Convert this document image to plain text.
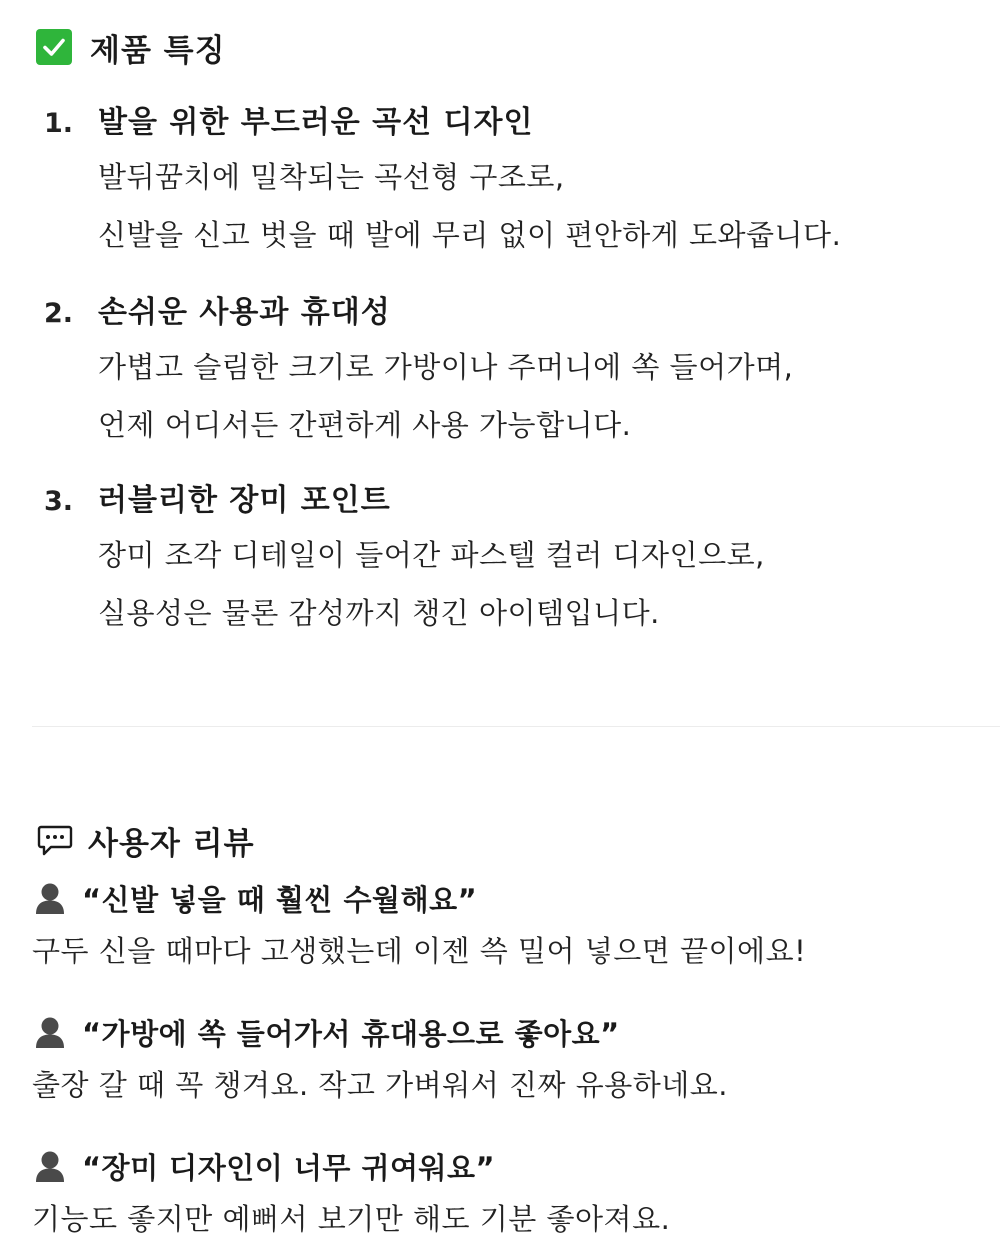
제품 특징
1. 발을 위한 부드러운 곡선 디자인
발뒤꿈치에 밀착되는 곡선형 구조로,
신발을 신고 벗을 때 발에 무리 없이 편안하게 도와줍니다.
2. 손쉬운 사용과 휴대성
가볍고 슬림한 크기로 가방이나 주머니에 쏙 들어가며,
언제 어디서든 간편하게 사용 가능합니다.
3. 러블리한 장미 포인트
장미 조각 디테일이 들어간 파스텔 컬러 디자인으로,
실용성은 물론 감성까지 챙긴 아이템입니다.
사용자 리뷰
“신발 넣을 때 훨씬 수월해요”
구두 신을 때마다 고생했는데 이젠 쓱 밀어 넣으면 끝이에요!
“가방에 쏙 들어가서 휴대용으로 좋아요”
출장 갈 때 꼭 챙겨요. 작고 가벼워서 진짜 유용하네요.
“장미 디자인이 너무 귀여워요”
기능도 좋지만 예뻐서 보기만 해도 기분 좋아져요.
